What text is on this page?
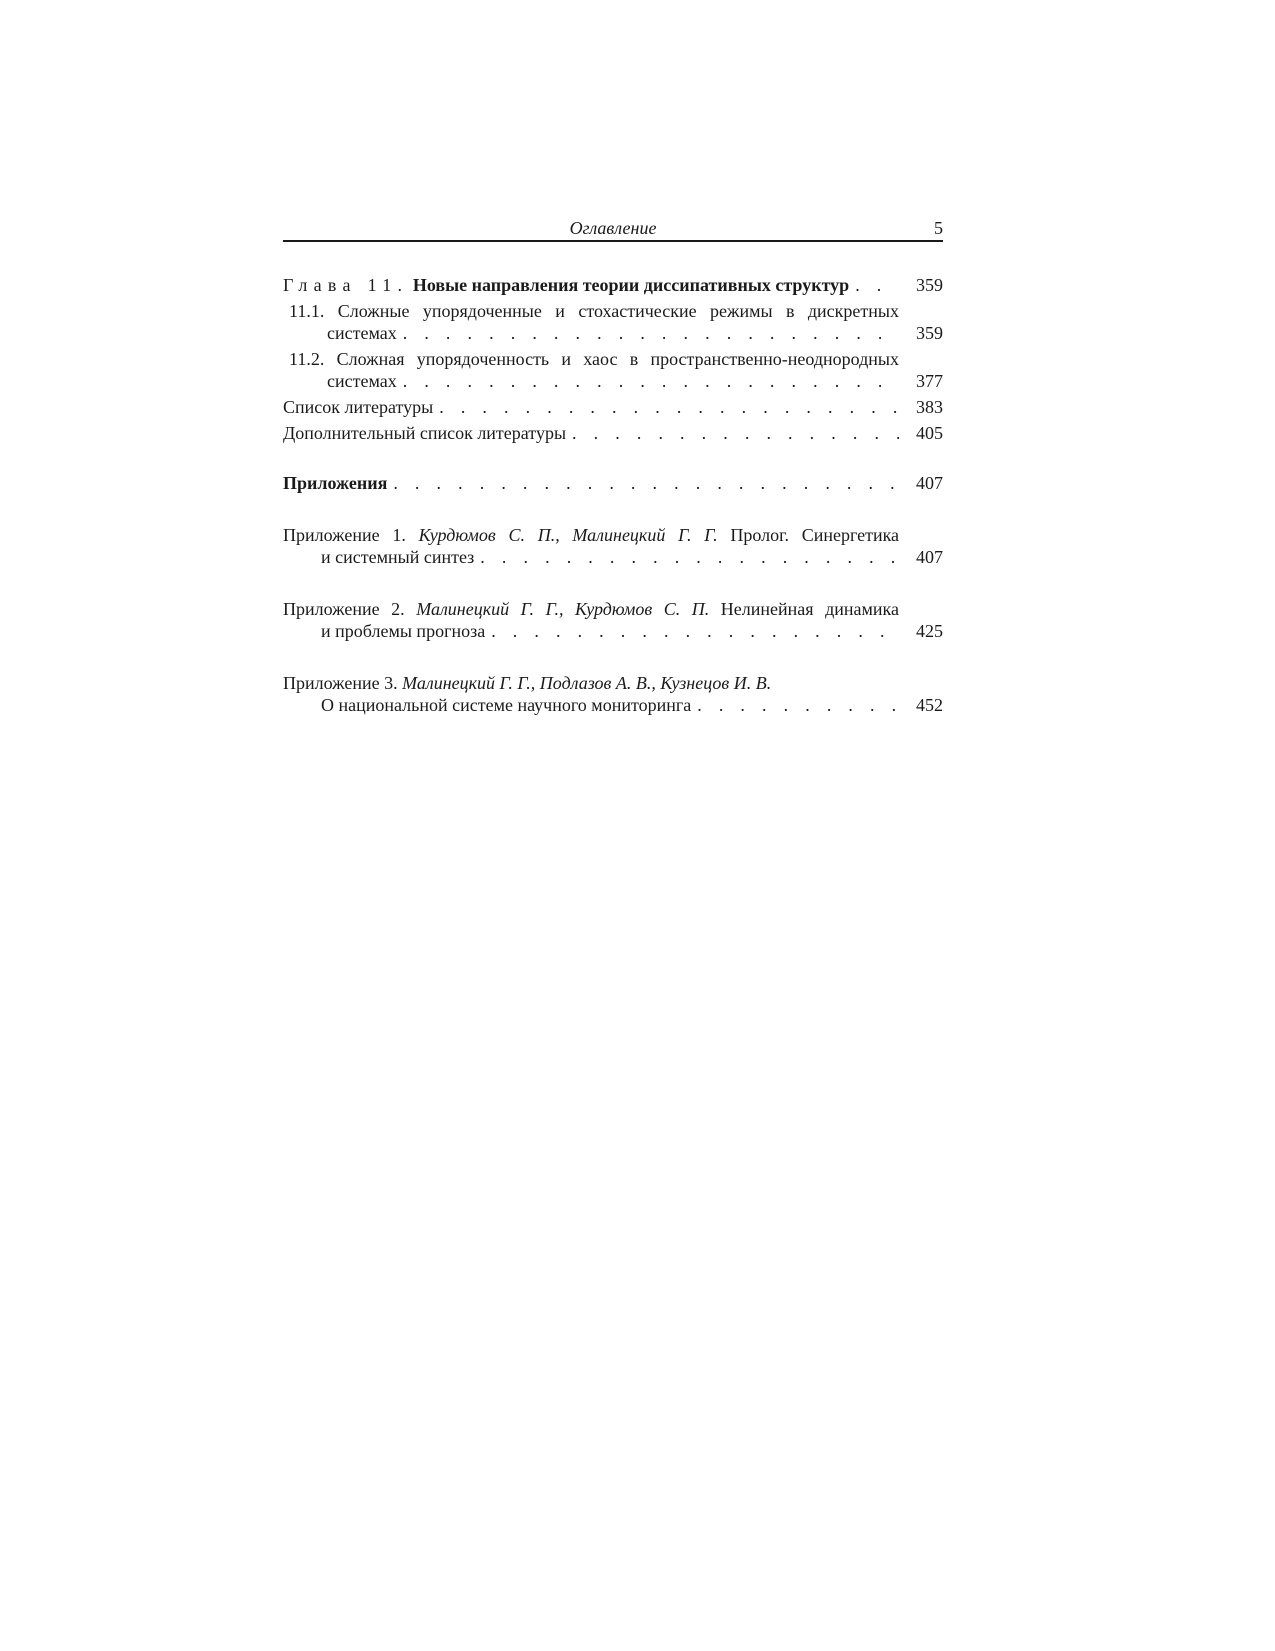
Оглавление	5
Глава 11. Новые направления теории диссипативных структур . . .	359
11.1. Сложные упорядоченные и стохастические режимы в дискретных
системах . . .	359
11.2. Сложная упорядоченность и хаос в пространственно-неоднородных
системах . . .	377
Список литературы . . .	383
Дополнительный список литературы . . .	405
Приложения . . .	407
Приложение 1. Курдюмов С. П., Малинецкий Г. Г. Пролог. Синергетика
и системный синтез . . .	407
Приложение 2. Малинецкий Г. Г., Курдюмов С. П. Нелинейная динамика
и проблемы прогноза . . .	425
Приложение 3. Малинецкий Г. Г., Подлазов А. В., Кузнецов И. В.
О национальной системе научного мониторинга . . .	452
